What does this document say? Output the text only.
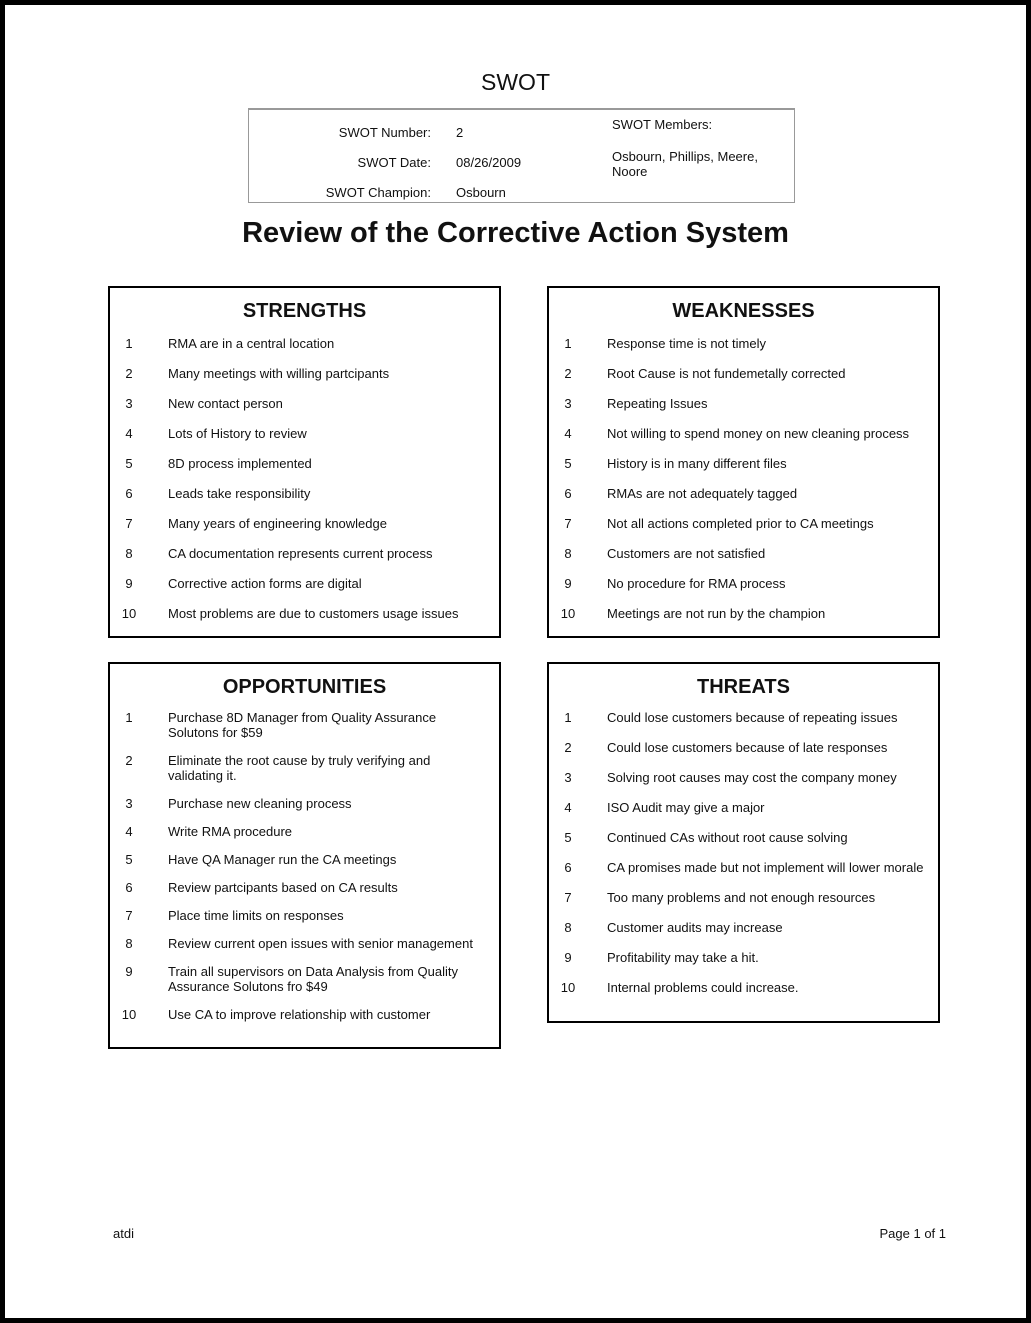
SWOT
SWOT Number: 2
SWOT Date: 08/26/2009
SWOT Champion: Osbourn
SWOT Members:
Osbourn, Phillips, Meere, Noore
Review of the Corrective Action System
STRENGTHS
1	RMA are in a central location
2	Many meetings with willing partcipants
3	New contact person
4	Lots of History to review
5	8D process implemented
6	Leads take responsibility
7	Many years of engineering knowledge
8	CA documentation represents current process
9	Corrective action forms are digital
10	Most problems are due to customers usage issues
WEAKNESSES
1	Response time is not timely
2	Root Cause is not fundemetally corrected
3	Repeating Issues
4	Not willing to spend money on new cleaning process
5	History is in many different files
6	RMAs are not adequately tagged
7	Not all actions completed prior to CA meetings
8	Customers are not satisfied
9	No procedure for RMA process
10	Meetings are not run by the champion
OPPORTUNITIES
1	Purchase 8D Manager from Quality Assurance Solutons for $59
2	Eliminate the root cause by truly verifying and validating it.
3	Purchase new cleaning process
4	Write RMA procedure
5	Have QA Manager run the CA meetings
6	Review partcipants based on CA results
7	Place time limits on responses
8	Review current open issues with senior management
9	Train all supervisors on Data Analysis from Quality Assurance Solutons fro $49
10	Use CA to improve relationship with customer
THREATS
1	Could lose customers because of repeating issues
2	Could lose customers because of late responses
3	Solving root causes may cost the company money
4	ISO Audit may give a major
5	Continued CAs without root cause solving
6	CA promises made but not implement will lower morale
7	Too many problems and not enough resources
8	Customer audits may increase
9	Profitability may take a hit.
10	Internal problems could increase.
atdi	Page 1 of 1
